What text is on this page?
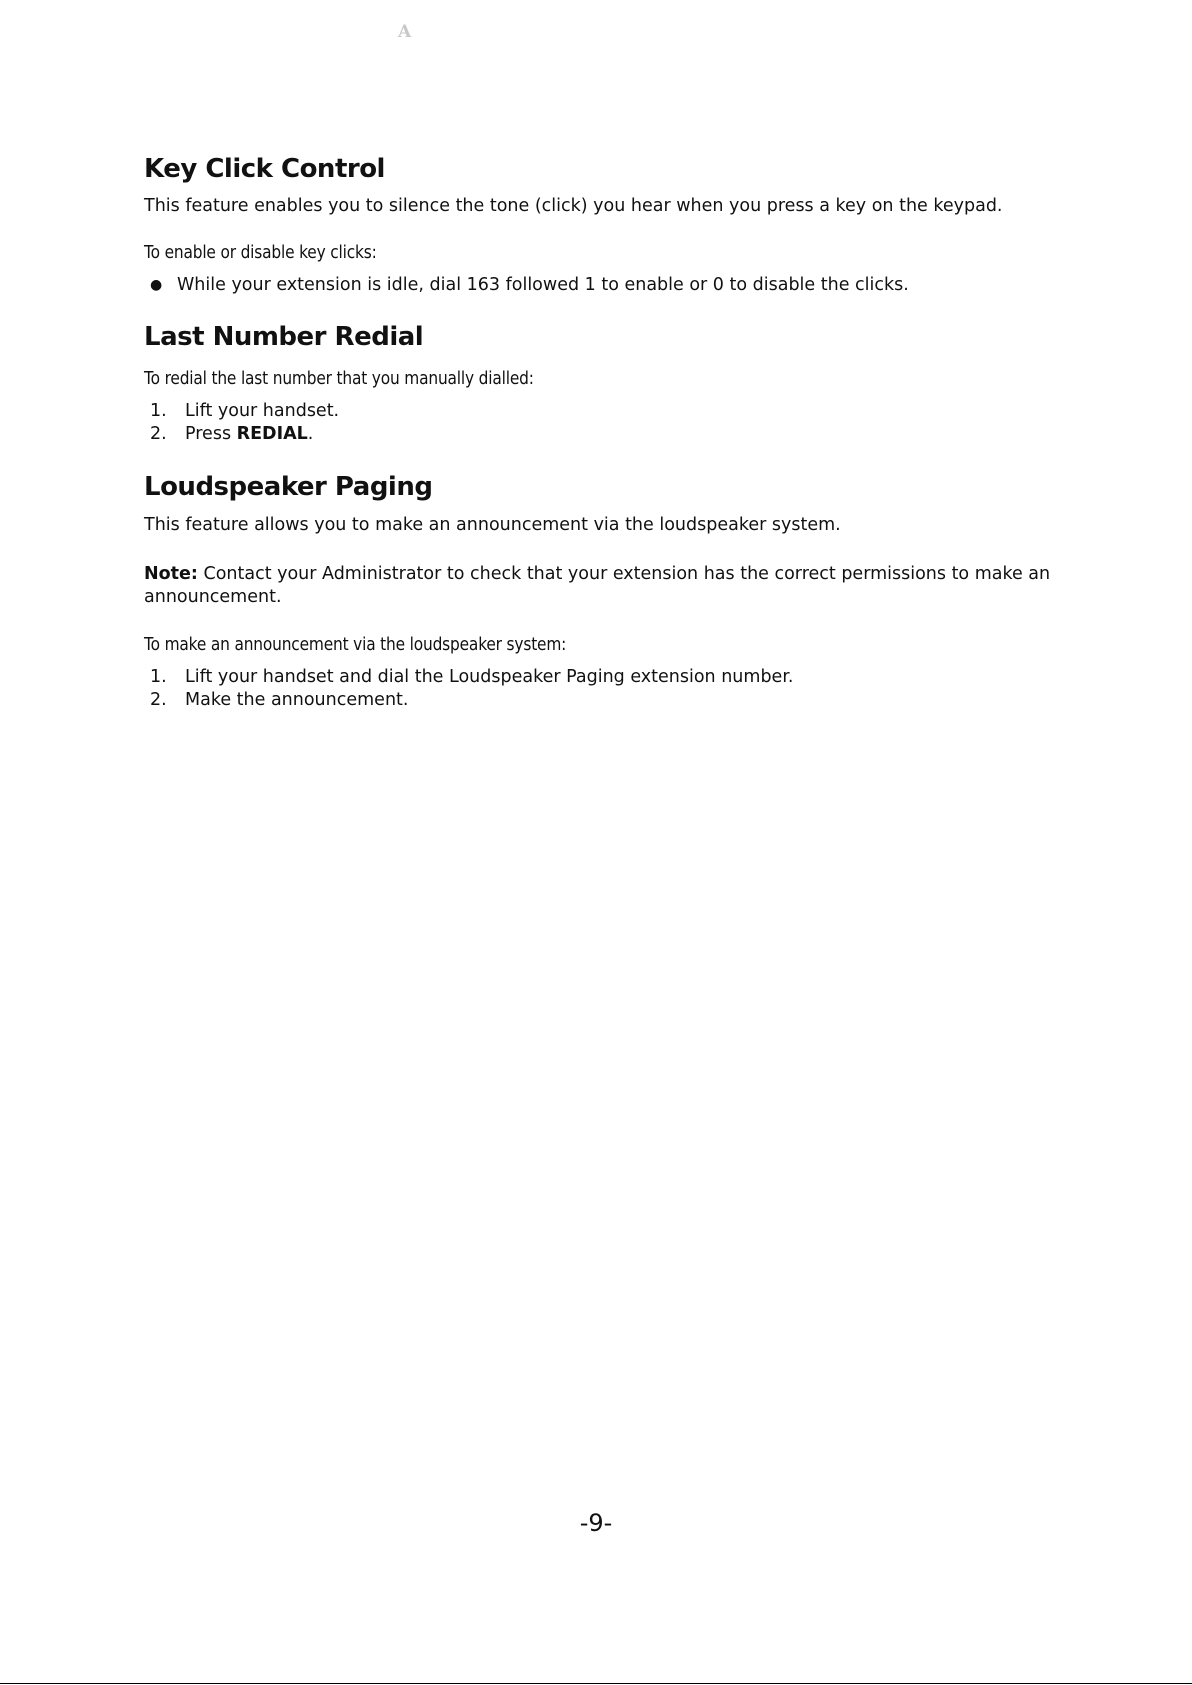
A
Key Click Control

This feature enables you to silence the tone (click) you hear when you press a key on the keypad.

To enable or disable key clicks:

● While your extension is idle, dial 163 followed 1 to enable or 0 to disable the clicks.
Last Number Redial

To redial the last number that you manually dialled:

1. Lift your handset.
2. Press REDIAL.
Loudspeaker Paging

This feature allows you to make an announcement via the loudspeaker system.

Note: Contact your Administrator to check that your extension has the correct permissions to make an announcement.

To make an announcement via the loudspeaker system:

1. Lift your handset and dial the Loudspeaker Paging extension number.
2. Make the announcement.
-9-
